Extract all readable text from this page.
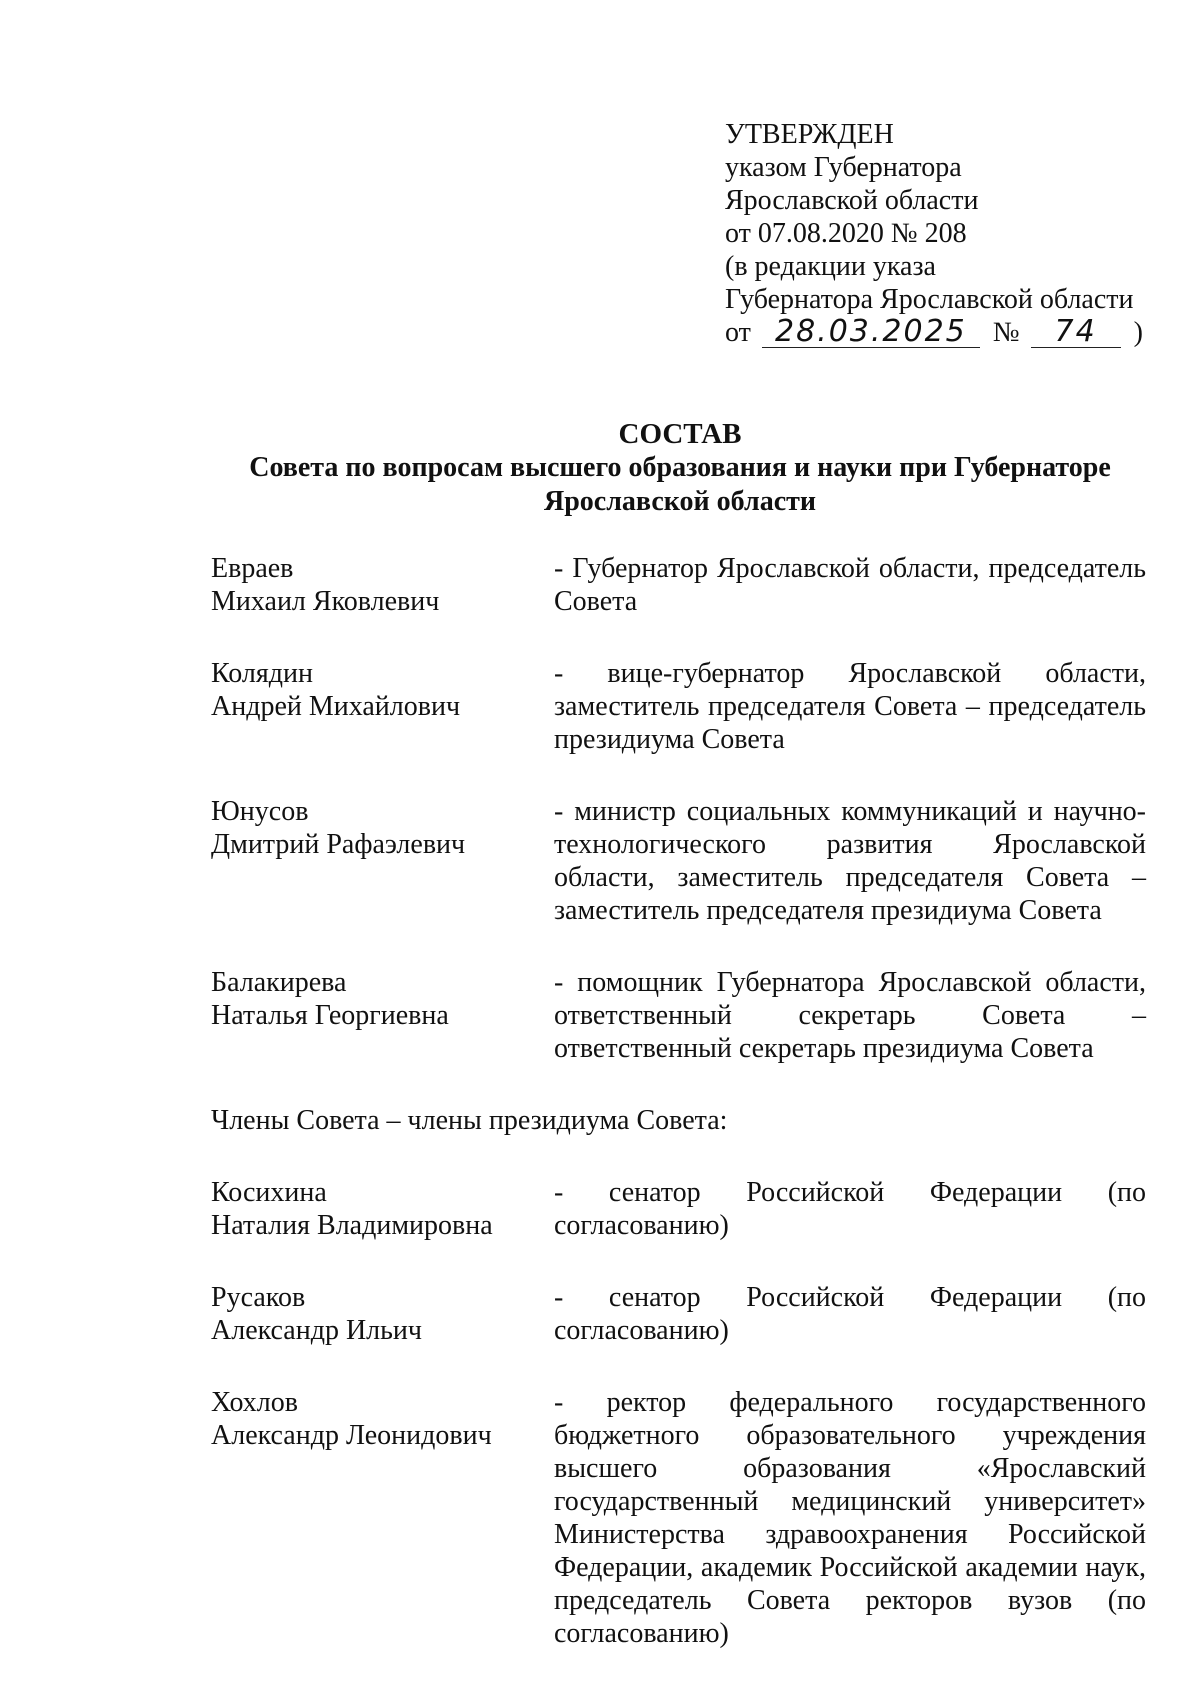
УТВЕРЖДЕН
указом Губернатора
Ярославской области
от 07.08.2020 № 208
(в редакции указа
Губернатора Ярославской области
от 28.03.2025 № 74 )
СОСТАВ
Совета по вопросам высшего образования и науки при Губернаторе
Ярославской области
Евраев
Михаил Яковлевич
- Губернатор Ярославской области, председатель Совета
Колядин
Андрей Михайлович
- вице-губернатор Ярославской области, заместитель председателя Совета – председатель президиума Совета
Юнусов
Дмитрий Рафаэлевич
- министр социальных коммуникаций и научно-технологического развития Ярославской области, заместитель председателя Совета – заместитель председателя президиума Совета
Балакирева
Наталья Георгиевна
- помощник Губернатора Ярославской области, ответственный секретарь Совета – ответственный секретарь президиума Совета
Члены Совета – члены президиума Совета:
Косихина
Наталия Владимировна
- сенатор Российской Федерации (по согласованию)
Русаков
Александр Ильич
- сенатор Российской Федерации (по согласованию)
Хохлов
Александр Леонидович
- ректор федерального государственного бюджетного образовательного учреждения высшего образования «Ярославский государственный медицинский университет» Министерства здравоохранения Российской Федерации, академик Российской академии наук, председатель Совета ректоров вузов (по согласованию)
